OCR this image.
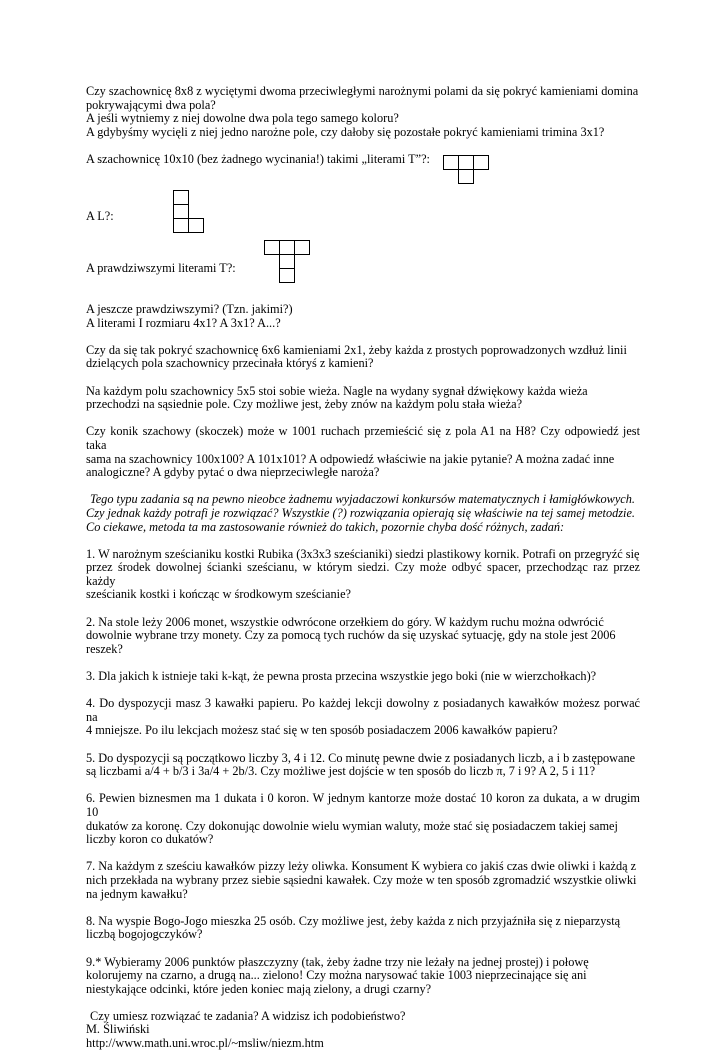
Czy szachownicę 8x8 z wyciętymi dwoma przeciwległymi narożnymi polami da się pokryć kamieniami domina

pokrywającymi dwa pola?

A jeśli wytniemy z niej dowolne dwa pola tego samego koloru?

A gdybyśmy wycięli z niej jedno narożne pole, czy dałoby się pozostałe pokryć kamieniami trimina 3x1?

A szachownicę 10x10 (bez żadnego wycinania!) takimi „literami T”?:

A L?:

A prawdziwszymi literami T?:

A jeszcze prawdziwszymi? (Tzn. jakimi?)

A literami I rozmiaru 4x1? A 3x1? A...?

Czy da się tak pokryć szachownicę 6x6 kamieniami 2x1, żeby każda z prostych poprowadzonych wzdłuż linii

dzielących pola szachownicy przecinała któryś z kamieni?

Na każdym polu szachownicy 5x5 stoi sobie wieża. Nagle na wydany sygnał dźwiękowy każda wieża

przechodzi na sąsiednie pole. Czy możliwe jest, żeby znów na każdym polu stała wieża?

Czy konik szachowy (skoczek) może w 1001 ruchach przemieścić się z pola A1 na H8? Czy odpowiedź jest taka

sama na szachownicy 100x100? A 101x101? A odpowiedź właściwie na jakie pytanie? A można zadać inne

analogiczne? A gdyby pytać o dwa nieprzeciwległe naroża?

Tego typu zadania są na pewno nieobce żadnemu wyjadaczowi konkursów matematycznych i łamigłówkowych.

Czy jednak każdy potrafi je rozwiązać? Wszystkie (?) rozwiązania opierają się właściwie na tej samej metodzie.

Co ciekawe, metoda ta ma zastosowanie również do takich, pozornie chyba dość różnych, zadań:

1. W narożnym sześcianiku kostki Rubika (3x3x3 sześcianiki) siedzi plastikowy kornik. Potrafi on przegryźć się

przez środek dowolnej ścianki sześcianu, w którym siedzi. Czy może odbyć spacer, przechodząc raz przez każdy

sześcianik kostki i kończąc w środkowym sześcianie?

2. Na stole leży 2006 monet, wszystkie odwrócone orzełkiem do góry. W każdym ruchu można odwrócić

dowolnie wybrane trzy monety. Czy za pomocą tych ruchów da się uzyskać sytuację, gdy na stole jest 2006

reszek?

3. Dla jakich k istnieje taki k-kąt, że pewna prosta przecina wszystkie jego boki (nie w wierzchołkach)?

4. Do dyspozycji masz 3 kawałki papieru. Po każdej lekcji dowolny z posiadanych kawałków możesz porwać na

4 mniejsze. Po ilu lekcjach możesz stać się w ten sposób posiadaczem 2006 kawałków papieru?

5. Do dyspozycji są początkowo liczby 3, 4 i 12. Co minutę pewne dwie z posiadanych liczb, a i b zastępowane

są liczbami a/4 + b/3 i 3a/4 + 2b/3. Czy możliwe jest dojście w ten sposób do liczb π, 7 i 9? A 2, 5 i 11?

6. Pewien biznesmen ma 1 dukata i 0 koron. W jednym kantorze może dostać 10 koron za dukata, a w drugim 10

dukatów za koronę. Czy dokonując dowolnie wielu wymian waluty, może stać się posiadaczem takiej samej

liczby koron co dukatów?

7. Na każdym z sześciu kawałków pizzy leży oliwka. Konsument K wybiera co jakiś czas dwie oliwki i każdą z

nich przekłada na wybrany przez siebie sąsiedni kawałek. Czy może w ten sposób zgromadzić wszystkie oliwki

na jednym kawałku?

8. Na wyspie Bogo-Jogo mieszka 25 osób. Czy możliwe jest, żeby każda z nich przyjaźniła się z nieparzystą

liczbą bogojogczyków?

9.* Wybieramy 2006 punktów płaszczyzny (tak, żeby żadne trzy nie leżały na jednej prostej) i połowę

kolorujemy na czarno, a drugą na... zielono! Czy można narysować takie 1003 nieprzecinające się ani

niestykające odcinki, które jeden koniec mają zielony, a drugi czarny?

Czy umiesz rozwiązać te zadania? A widzisz ich podobieństwo?

M. Śliwiński

http://www.math.uni.wroc.pl/~msliw/niezm.htm
